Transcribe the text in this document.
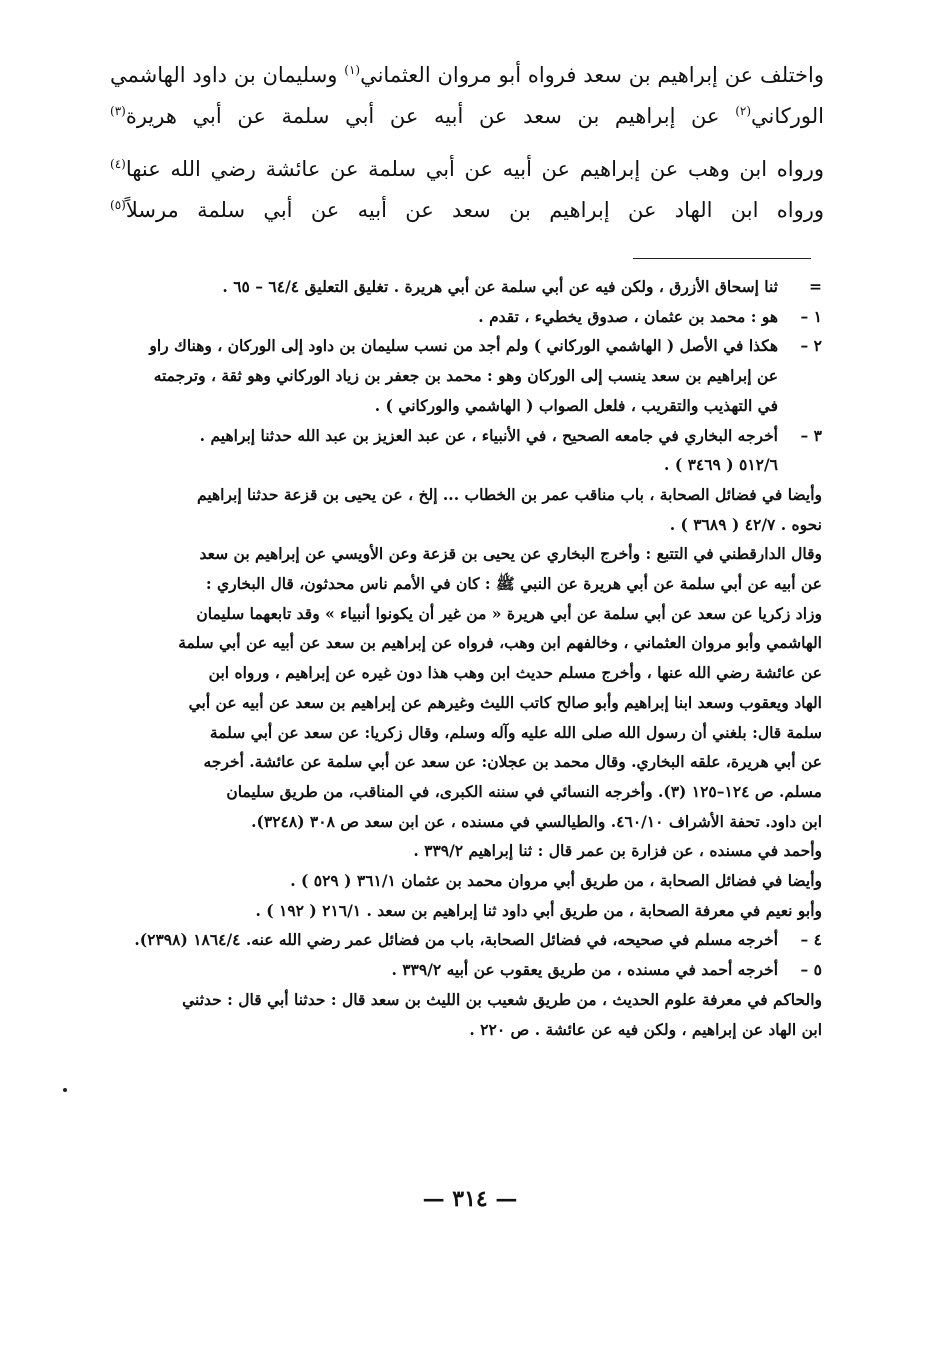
واختلف عن إبراهيم بن سعد فرواه أبو مروان العثماني$^{(١)}$ وسليمان بن داود الهاشمي الوركاني$^{(٢)}$ عن إبراهيم بن سعد عن أبيه عن أبي سلمة عن أبي هريرة$^{(٣)}$

ورواه ابن وهب عن إبراهيم عن أبيه عن أبي سلمة عن عائشة رضي الله عنها$^{(٤)}$ ورواه ابن الهاد عن إبراهيم بن سعد عن أبيه عن أبي سلمة مرسلاً$^{(٥)}$

=
ثنا إسحاق الأزرق ، ولكن فيه عن أبي سلمة عن أبي هريرة . تغليق التعليق ٦٤/٤ – ٦٥ .
١ –
هو : محمد بن عثمان ، صدوق يخطيء ، تقدم .
٢ –
هكذا في الأصل ( الهاشمي الوركاني ) ولم أجد من نسب سليمان بن داود إلى الوركان ، وهناك راو
عن إبراهيم بن سعد ينسب إلى الوركان وهو : محمد بن جعفر بن زياد الوركاني وهو ثقة ، وترجمته
في التهذيب والتقريب ، فلعل الصواب ( الهاشمي والوركاني ) .
٣ –
أخرجه البخاري في جامعه الصحيح ، في الأنبياء ، عن عبد العزيز بن عبد الله حدثنا إبراهيم .
٥١٢/٦ ( ٣٤٦٩ ) .
وأيضا في فضائل الصحابة ، باب مناقب عمر بن الخطاب ... إلخ ، عن يحيى بن قزعة حدثنا إبراهيم
نحوه . ٤٢/٧ ( ٣٦٨٩ ) .
وقال الدارقطني في التتبع : وأخرج البخاري عن يحيى بن قزعة وعن الأويسي عن إبراهيم بن سعد
عن أبيه عن أبي سلمة عن أبي هريرة عن النبي ﷺ : كان في الأمم ناس محدثون، قال البخاري :
وزاد زكريا عن سعد عن أبي سلمة عن أبي هريرة « من غير أن يكونوا أنبياء » وقد تابعهما سليمان
الهاشمي وأبو مروان العثماني ، وخالفهم ابن وهب، فرواه عن إبراهيم بن سعد عن أبيه عن أبي سلمة
عن عائشة رضي الله عنها ، وأخرج مسلم حديث ابن وهب هذا دون غيره عن إبراهيم ، ورواه ابن
الهاد ويعقوب وسعد ابنا إبراهيم وأبو صالح كاتب الليث وغيرهم عن إبراهيم بن سعد عن أبيه عن أبي
سلمة قال: بلغني أن رسول الله صلى الله عليه وآله وسلم، وقال زكريا: عن سعد عن أبي سلمة
عن أبي هريرة، علقه البخاري. وقال محمد بن عجلان: عن سعد عن أبي سلمة عن عائشة. أخرجه
مسلم. ص ١٢٤–١٢٥ (٣). وأخرجه النسائي في سننه الكبرى، في المناقب، من طريق سليمان
ابن داود. تحفة الأشراف ٤٦٠/١٠. والطيالسي في مسنده ، عن ابن سعد ص ٣٠٨ (٣٢٤٨).
وأحمد في مسنده ، عن فزارة بن عمر قال : ثنا إبراهيم ٣٣٩/٢ .
وأيضا في فضائل الصحابة ، من طريق أبي مروان محمد بن عثمان ٣٦١/١ ( ٥٢٩ ) .
وأبو نعيم في معرفة الصحابة ، من طريق أبي داود ثنا إبراهيم بن سعد . ٢١٦/١ ( ١٩٢ ) .
٤ –
أخرجه مسلم في صحيحه، في فضائل الصحابة، باب من فضائل عمر رضي الله عنه. ١٨٦٤/٤ (٢٣٩٨).
٥ –
أخرجه أحمد في مسنده ، من طريق يعقوب عن أبيه ٣٣٩/٢ .
والحاكم في معرفة علوم الحديث ، من طريق شعيب بن الليث بن سعد قال : حدثنا أبي قال : حدثني
ابن الهاد عن إبراهيم ، ولكن فيه عن عائشة . ص ٢٢٠ .
— ٣١٤ —
